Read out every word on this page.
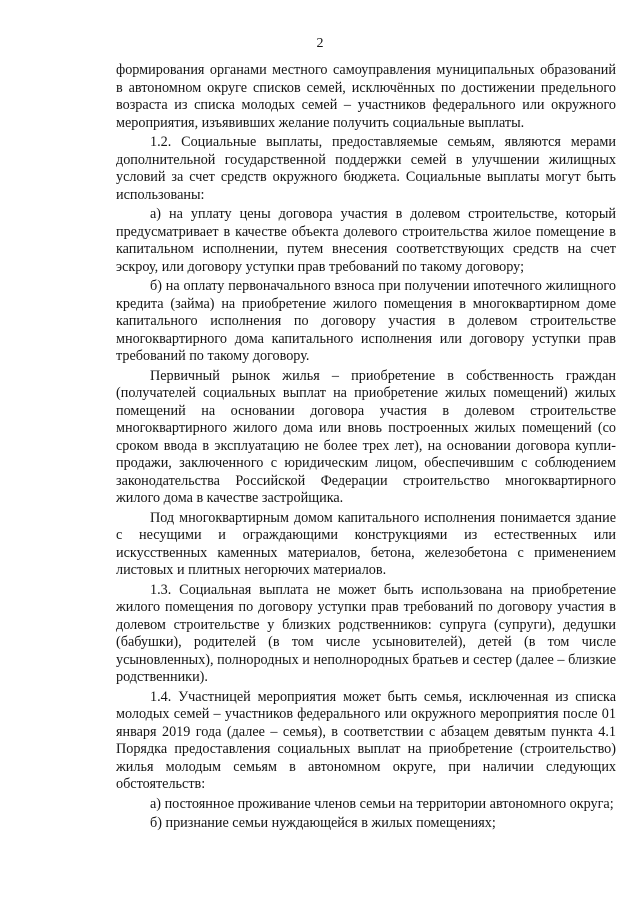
2

формирования органами местного самоуправления муниципальных образований в автономном округе списков семей, исключённых по достижении предельного возраста из списка молодых семей – участников федерального или окружного мероприятия, изъявивших желание получить социальные выплаты.

1.2. Социальные выплаты, предоставляемые семьям, являются мерами дополнительной государственной поддержки семей в улучшении жилищных условий за счет средств окружного бюджета. Социальные выплаты могут быть использованы:

а) на уплату цены договора участия в долевом строительстве, который предусматривает в качестве объекта долевого строительства жилое помещение в капитальном исполнении, путем внесения соответствующих средств на счет эскроу, или договору уступки прав требований по такому договору;

б) на оплату первоначального взноса при получении ипотечного жилищного кредита (займа) на приобретение жилого помещения в многоквартирном доме капитального исполнения по договору участия в долевом строительстве многоквартирного дома капитального исполнения или договору уступки прав требований по такому договору.

Первичный рынок жилья – приобретение в собственность граждан (получателей социальных выплат на приобретение жилых помещений) жилых помещений на основании договора участия в долевом строительстве многоквартирного жилого дома или вновь построенных жилых помещений (со сроком ввода в эксплуатацию не более трех лет), на основании договора купли-продажи, заключенного с юридическим лицом, обеспечившим с соблюдением законодательства Российской Федерации строительство многоквартирного жилого дома в качестве застройщика.

Под многоквартирным домом капитального исполнения понимается здание с несущими и ограждающими конструкциями из естественных или искусственных каменных материалов, бетона, железобетона с применением листовых и плитных негорючих материалов.

1.3. Социальная выплата не может быть использована на приобретение жилого помещения по договору уступки прав требований по договору участия в долевом строительстве у близких родственников: супруга (супруги), дедушки (бабушки), родителей (в том числе усыновителей), детей (в том числе усыновленных), полнородных и неполнородных братьев и сестер (далее – близкие родственники).

1.4. Участницей мероприятия может быть семья, исключенная из списка молодых семей – участников федерального или окружного мероприятия после 01 января 2019 года (далее – семья), в соответствии с абзацем девятым пункта 4.1 Порядка предоставления социальных выплат на приобретение (строительство) жилья молодым семьям в автономном округе, при наличии следующих обстоятельств:

а) постоянное проживание членов семьи на территории автономного округа;

б) признание семьи нуждающейся в жилых помещениях;
